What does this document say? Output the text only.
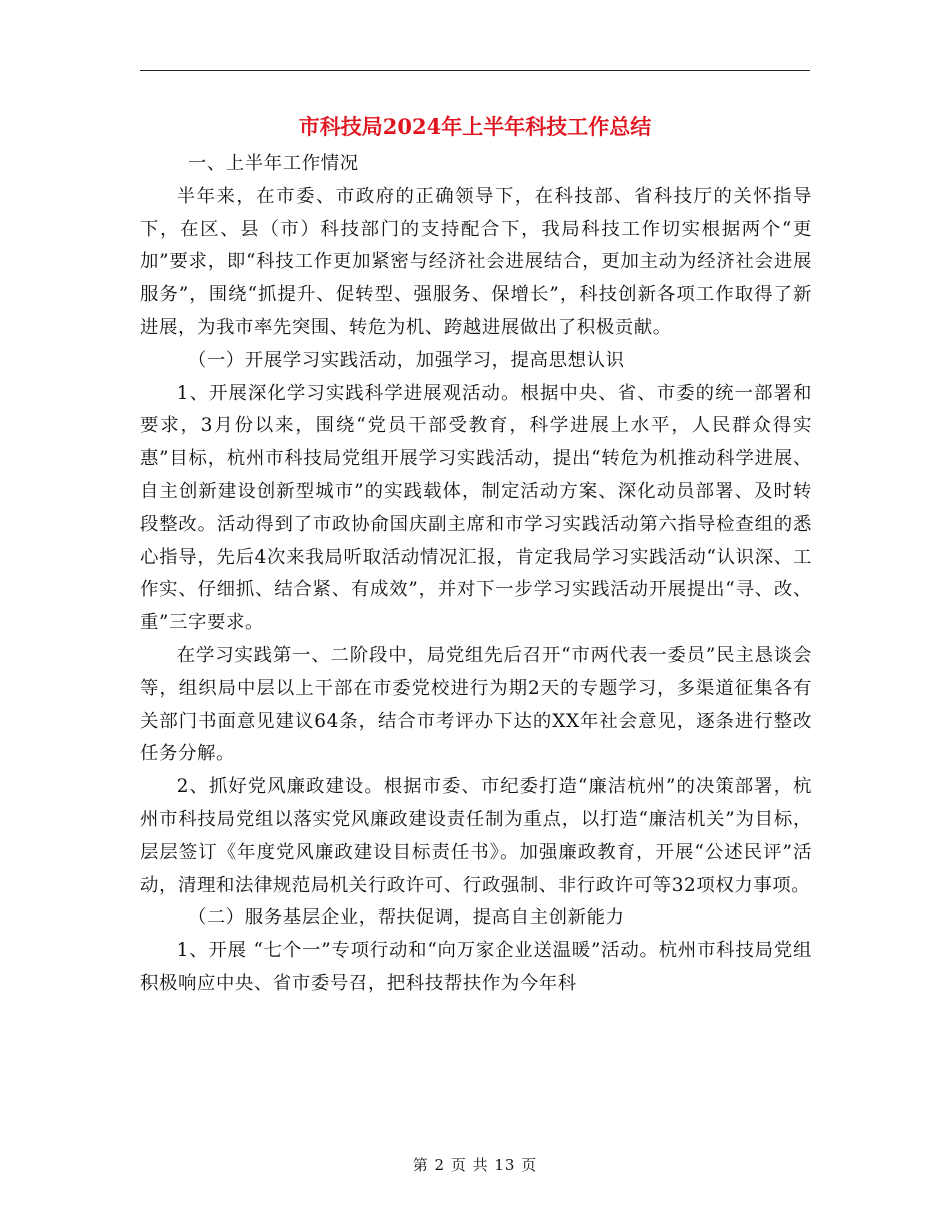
市科技局2024年上半年科技工作总结

一、上半年工作情况

半年来，在市委、市政府的正确领导下，在科技部、省科技厅的关怀指导下，在区、县（市）科技部门的支持配合下，我局科技工作切实根据两个“更加”要求，即“科技工作更加紧密与经济社会进展结合，更加主动为经济社会进展服务”，围绕“抓提升、促转型、强服务、保增长”，科技创新各项工作取得了新进展，为我市率先突围、转危为机、跨越进展做出了积极贡献。

（一）开展学习实践活动，加强学习，提高思想认识

1、开展深化学习实践科学进展观活动。根据中央、省、市委的统一部署和要求，3月份以来，围绕“党员干部受教育，科学进展上水平，人民群众得实惠”目标，杭州市科技局党组开展学习实践活动，提出“转危为机推动科学进展、自主创新建设创新型城市”的实践载体，制定活动方案、深化动员部署、及时转段整改。活动得到了市政协俞国庆副主席和市学习实践活动第六指导检查组的悉心指导，先后4次来我局听取活动情况汇报，肯定我局学习实践活动“认识深、工作实、仔细抓、结合紧、有成效”，并对下一步学习实践活动开展提出“寻、改、重”三字要求。

在学习实践第一、二阶段中，局党组先后召开“市两代表一委员”民主恳谈会等，组织局中层以上干部在市委党校进行为期2天的专题学习，多渠道征集各有关部门书面意见建议64条，结合市考评办下达的XX年社会意见，逐条进行整改任务分解。

2、抓好党风廉政建设。根据市委、市纪委打造“廉洁杭州”的决策部署，杭州市科技局党组以落实党风廉政建设责任制为重点，以打造“廉洁机关”为目标，层层签订《年度党风廉政建设目标责任书》。加强廉政教育，开展“公述民评”活动，清理和法律规范局机关行政许可、行政强制、非行政许可等32项权力事项。

（二）服务基层企业，帮扶促调，提高自主创新能力

1、开展 “七个一”专项行动和“向万家企业送温暖”活动。杭州市科技局党组积极响应中央、省市委号召，把科技帮扶作为今年科

第 2 页 共 13 页
